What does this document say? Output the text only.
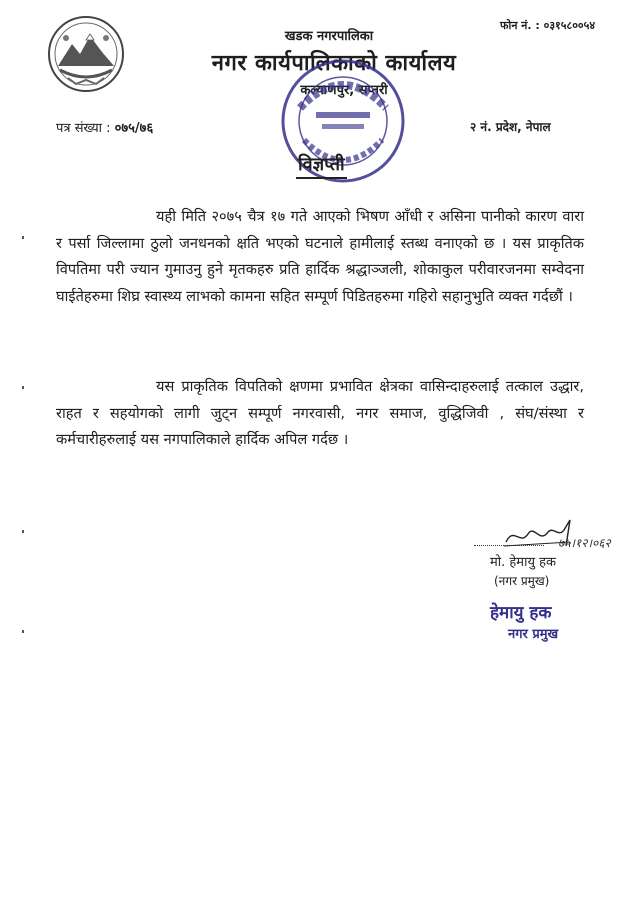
फोन नं. : ०३१५८००५४
खडक नगरपालिका
नगर कार्यपालिकाको कार्यालय
कल्याणपुर, सप्तरी
पत्र संख्या : ०७५/७६	२ नं. प्रदेश, नेपाल
विज्ञप्ती
यही मिति २०७५ चैत्र १७ गते आएको भिषण आँधी र असिना पानीको कारण वारा र पर्सा जिल्लामा ठुलो जनधनको क्षति भएको घटनाले हामीलाई स्तब्ध वनाएको छ । यस प्राकृतिक विपतिमा परी ज्यान गुमाउनु हुने मृतकहरु प्रति हार्दिक श्रद्धाञ्जली, शोकाकुल परीवारजनमा सम्वेदना घाईतेहरुमा शिघ्र स्वास्थ्य लाभको कामना सहित सम्पूर्ण पिडितहरुमा गहिरो सहानुभुति व्यक्त गर्दछौं ।
यस प्राकृतिक विपतिको क्षणमा प्रभावित क्षेत्रका वासिन्दाहरुलाई तत्काल उद्धार, राहत र सहयोगको लागी जुट्न सम्पूर्ण नगरवासी, नगर समाज, वुद्धिजिवी , संघ/संस्था र कर्मचारीहरुलाई यस नगपालिकाले हार्दिक अपिल गर्दछ ।
७५।१२।०६२
मो. हेमायु हक
(नगर प्रमुख)
हेमायु हक
नगर प्रमुख
